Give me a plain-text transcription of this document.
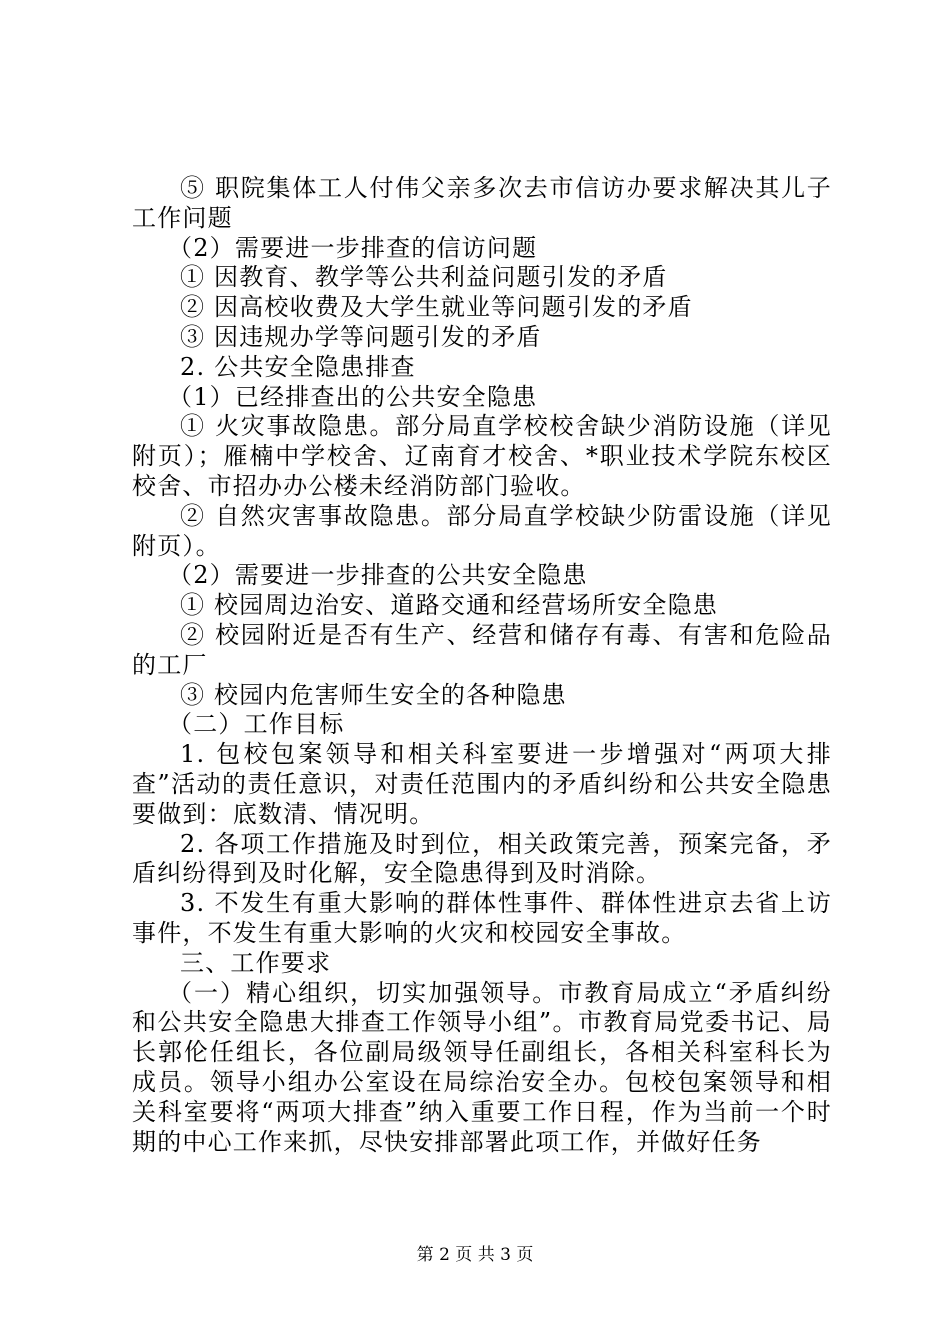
⑤ 职院集体工人付伟父亲多次去市信访办要求解决其儿子工作问题

（2）需要进一步排查的信访问题

① 因教育、教学等公共利益问题引发的矛盾

② 因高校收费及大学生就业等问题引发的矛盾

③ 因违规办学等问题引发的矛盾

2. 公共安全隐患排查

（1）已经排查出的公共安全隐患

① 火灾事故隐患。部分局直学校校舍缺少消防设施（详见附页）；雁楠中学校舍、辽南育才校舍、*职业技术学院东校区校舍、市招办办公楼未经消防部门验收。

② 自然灾害事故隐患。部分局直学校缺少防雷设施（详见附页）。

（2）需要进一步排查的公共安全隐患

① 校园周边治安、道路交通和经营场所安全隐患

② 校园附近是否有生产、经营和储存有毒、有害和危险品的工厂

③ 校园内危害师生安全的各种隐患

（二）工作目标

1. 包校包案领导和相关科室要进一步增强对“两项大排查”活动的责任意识，对责任范围内的矛盾纠纷和公共安全隐患要做到：底数清、情况明。

2. 各项工作措施及时到位，相关政策完善，预案完备，矛盾纠纷得到及时化解，安全隐患得到及时消除。

3. 不发生有重大影响的群体性事件、群体性进京去省上访事件，不发生有重大影响的火灾和校园安全事故。

三、工作要求

（一）精心组织，切实加强领导。市教育局成立“矛盾纠纷和公共安全隐患大排查工作领导小组”。市教育局党委书记、局长郭伦任组长，各位副局级领导任副组长，各相关科室科长为成员。领导小组办公室设在局综治安全办。包校包案领导和相关科室要将“两项大排查”纳入重要工作日程，作为当前一个时期的中心工作来抓，尽快安排部署此项工作，并做好任务

第 2 页 共 3 页
